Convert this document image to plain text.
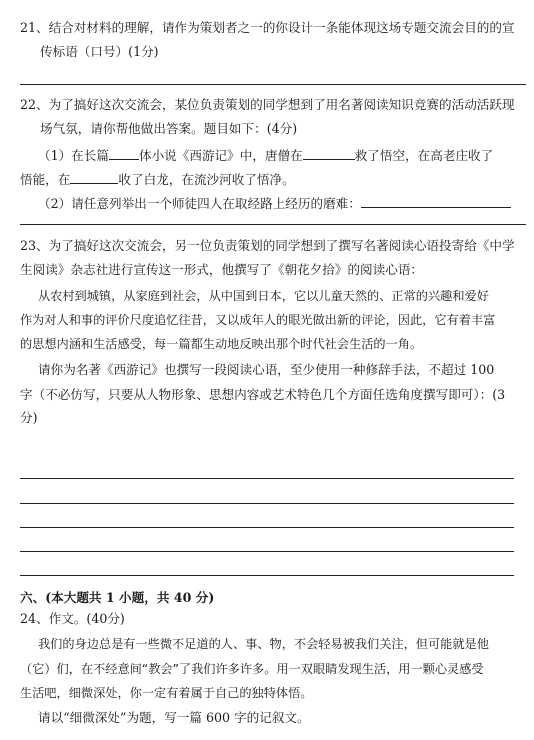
21、结合对材料的理解，请作为策划者之一的你设计一条能体现这场专题交流会目的的宣
传标语（口号）(1分)
22、为了搞好这次交流会，某位负责策划的同学想到了用名著阅读知识竞赛的活动活跃现
场气氛，请你帮他做出答案。题目如下：(4分)
（1）在长篇 体小说《西游记》中，唐僧在	救了悟空，在高老庄收了
悟能，在	收了白龙，在流沙河收了悟净。
（2）请任意列举出一个师徒四人在取经路上经历的磨难：
23、为了搞好这次交流会，另一位负责策划的同学想到了撰写名著阅读心语投寄给《中学
生阅读》杂志社进行宣传这一形式，他撰写了《朝花夕拾》的阅读心语：
从农村到城镇，从家庭到社会，从中国到日本，它以儿童天然的、正常的兴趣和爱好
作为对人和事的评价尺度追忆往昔，又以成年人的眼光做出新的评论，因此，它有着丰富
的思想内涵和生活感受，每一篇都生动地反映出那个时代社会生活的一角。
请你为名著《西游记》也撰写一段阅读心语，至少使用一种修辞手法，不超过 100
字（不必仿写，只要从人物形象、思想内容或艺术特色几个方面任选角度撰写即可）：(3
分)
六、(本大题共 1 小题，共 40 分)
24、作文。(40分)
我们的身边总是有一些微不足道的人、事、物，不会轻易被我们关注，但可能就是他
（它）们，在不经意间“教会”了我们许多许多。用一双眼睛发现生活，用一颗心灵感受
生活吧，细微深处，你一定有着属于自己的独特体悟。
请以“细微深处”为题，写一篇 600 字的记叙文。
